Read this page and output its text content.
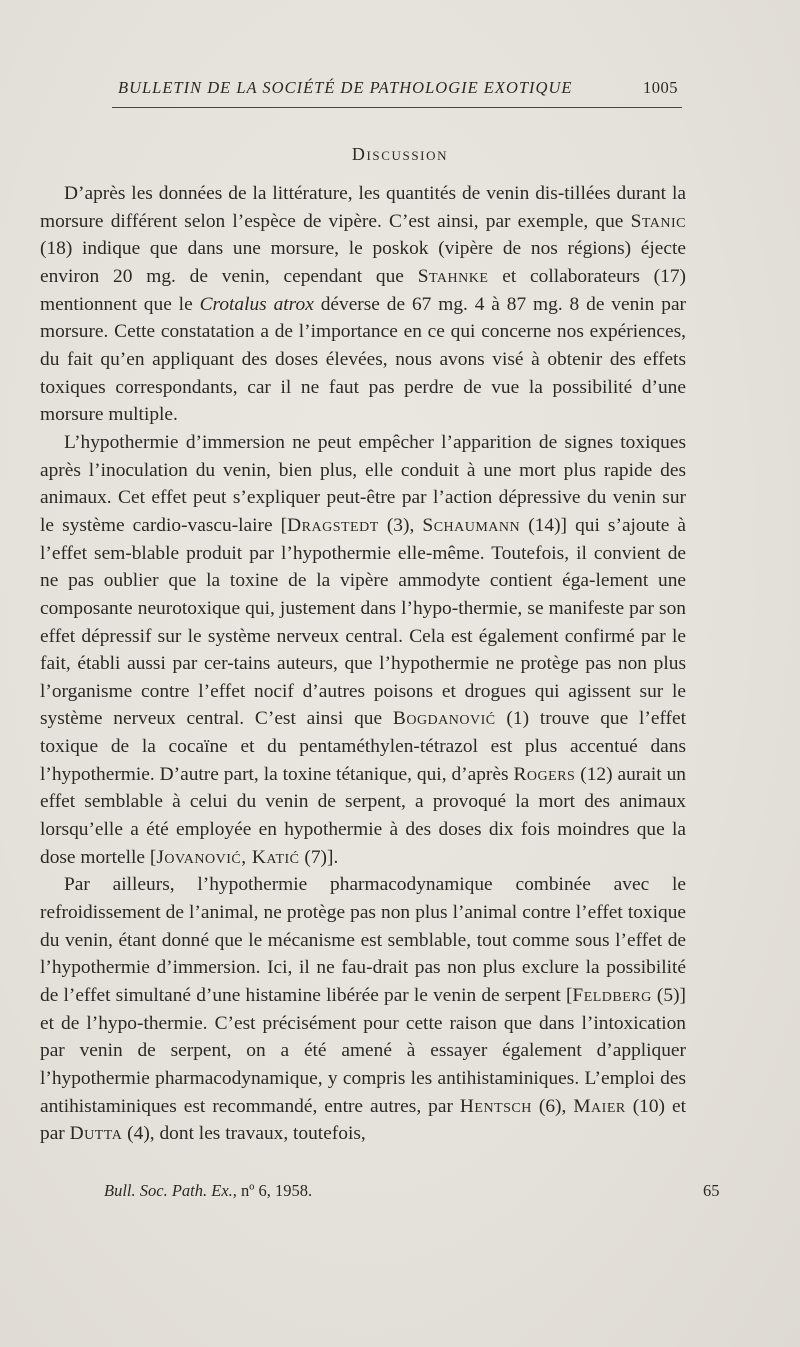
BULLETIN DE LA SOCIÉTÉ DE PATHOLOGIE EXOTIQUE	1005
Discussion

D’après les données de la littérature, les quantités de venin dis-tillées durant la morsure différent selon l’espèce de vipère. C’est ainsi, par exemple, que Stanic (18) indique que dans une morsure, le poskok (vipère de nos régions) éjecte environ 20 mg. de venin, cependant que Stahnke et collaborateurs (17) mentionnent que le Crotalus atrox déverse de 67 mg. 4 à 87 mg. 8 de venin par morsure. Cette constatation a de l’importance en ce qui concerne nos expériences, du fait qu’en appliquant des doses élevées, nous avons visé à obtenir des effets toxiques correspondants, car il ne faut pas perdre de vue la possibilité d’une morsure multiple.

L’hypothermie d’immersion ne peut empêcher l’apparition de signes toxiques après l’inoculation du venin, bien plus, elle conduit à une mort plus rapide des animaux. Cet effet peut s’expliquer peut-être par l’action dépressive du venin sur le système cardio-vascu-laire [Dragstedt (3), Schaumann (14)] qui s’ajoute à l’effet sem-blable produit par l’hypothermie elle-même. Toutefois, il convient de ne pas oublier que la toxine de la vipère ammodyte contient éga-lement une composante neurotoxique qui, justement dans l’hypo-thermie, se manifeste par son effet dépressif sur le système nerveux central. Cela est également confirmé par le fait, établi aussi par cer-tains auteurs, que l’hypothermie ne protège pas non plus l’organisme contre l’effet nocif d’autres poisons et drogues qui agissent sur le système nerveux central. C’est ainsi que Bogdanović (1) trouve que l’effet toxique de la cocaïne et du pentaméthylen-tétrazol est plus accentué dans l’hypothermie. D’autre part, la toxine tétanique, qui, d’après Rogers (12) aurait un effet semblable à celui du venin de serpent, a provoqué la mort des animaux lorsqu’elle a été employée en hypothermie à des doses dix fois moindres que la dose mortelle [Jovanović, Katić (7)].

Par ailleurs, l’hypothermie pharmacodynamique combinée avec le refroidissement de l’animal, ne protège pas non plus l’animal contre l’effet toxique du venin, étant donné que le mécanisme est semblable, tout comme sous l’effet de l’hypothermie d’immersion. Ici, il ne fau-drait pas non plus exclure la possibilité de l’effet simultané d’une histamine libérée par le venin de serpent [Feldberg (5)] et de l’hypo-thermie. C’est précisément pour cette raison que dans l’intoxication par venin de serpent, on a été amené à essayer également d’appliquer l’hypothermie pharmacodynamique, y compris les antihistaminiques. L’emploi des antihistaminiques est recommandé, entre autres, par Hentsch (6), Maier (10) et par Dutta (4), dont les travaux, toutefois,

Bull. Soc. Path. Ex., nº 6, 1958.	65
